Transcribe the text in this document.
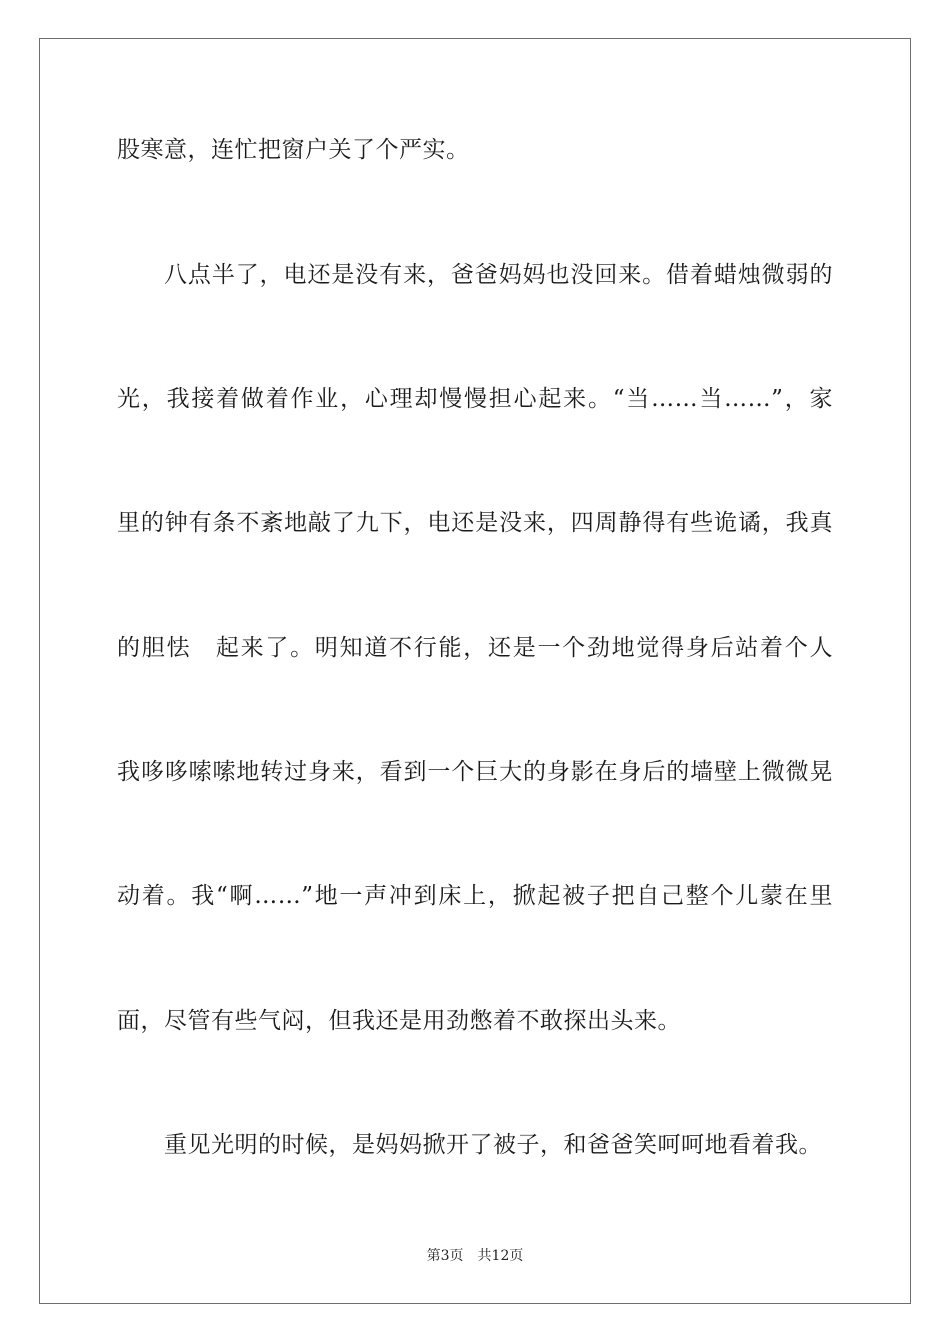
股寒意，连忙把窗户关了个严实。
八点半了，电还是没有来，爸爸妈妈也没回来。借着蜡烛微弱的
光，我接着做着作业，心理却慢慢担心起来。“当……当……”，家
里的钟有条不紊地敲了九下，电还是没来，四周静得有些诡谲，我真
的胆怯　起来了。明知道不行能，还是一个劲地觉得身后站着个人
我哆哆嗦嗦地转过身来，看到一个巨大的身影在身后的墙壁上微微晃
动着。我“啊……”地一声冲到床上，掀起被子把自己整个儿蒙在里
面，尽管有些气闷，但我还是用劲憋着不敢探出头来。
重见光明的时候，是妈妈掀开了被子，和爸爸笑呵呵地看着我。
第3页 共12页
